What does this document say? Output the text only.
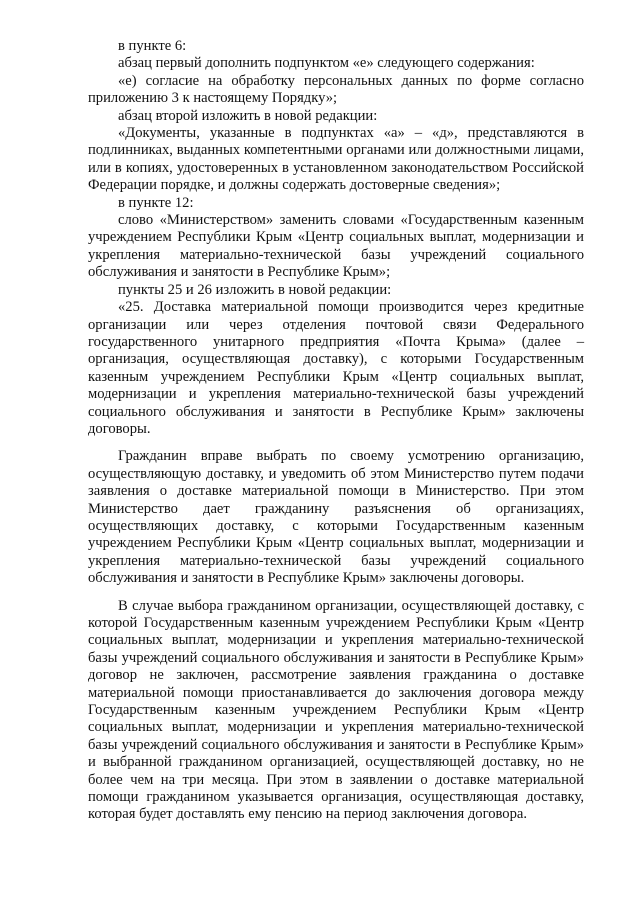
в пункте 6:

абзац первый дополнить подпунктом «е» следующего содержания:

«е) согласие на обработку персональных данных по форме согласно приложению 3 к настоящему Порядку»;

абзац второй изложить в новой редакции:

«Документы, указанные в подпунктах «а» – «д», представляются в подлинниках, выданных компетентными органами или должностными лицами, или в копиях, удостоверенных в установленном законодательством Российской Федерации порядке, и должны содержать достоверные сведения»;

в пункте 12:

слово «Министерством» заменить словами «Государственным казенным учреждением Республики Крым «Центр социальных выплат, модернизации и укрепления материально-технической базы учреждений социального обслуживания и занятости в Республике Крым»;

пункты 25 и 26 изложить в новой редакции:

«25. Доставка материальной помощи производится через кредитные организации или через отделения почтовой связи Федерального государственного унитарного предприятия «Почта Крыма» (далее – организация, осуществляющая доставку), с которыми Государственным казенным учреждением Республики Крым «Центр социальных выплат, модернизации и укрепления материально-технической базы учреждений социального обслуживания и занятости в Республике Крым» заключены договоры.

Гражданин вправе выбрать по своему усмотрению организацию, осуществляющую доставку, и уведомить об этом Министерство путем подачи заявления о доставке материальной помощи в Министерство. При этом Министерство дает гражданину разъяснения об организациях, осуществляющих доставку, с которыми Государственным казенным учреждением Республики Крым «Центр социальных выплат, модернизации и укрепления материально-технической базы учреждений социального обслуживания и занятости в Республике Крым» заключены договоры.

В случае выбора гражданином организации, осуществляющей доставку, с которой Государственным казенным учреждением Республики Крым «Центр социальных выплат, модернизации и укрепления материально-технической базы учреждений социального обслуживания и занятости в Республике Крым» договор не заключен, рассмотрение заявления гражданина о доставке материальной помощи приостанавливается до заключения договора между Государственным казенным учреждением Республики Крым «Центр социальных выплат, модернизации и укрепления материально-технической базы учреждений социального обслуживания и занятости в Республике Крым» и выбранной гражданином организацией, осуществляющей доставку, но не более чем на три месяца. При этом в заявлении о доставке материальной помощи гражданином указывается организация, осуществляющая доставку, которая будет доставлять ему пенсию на период заключения договора.
